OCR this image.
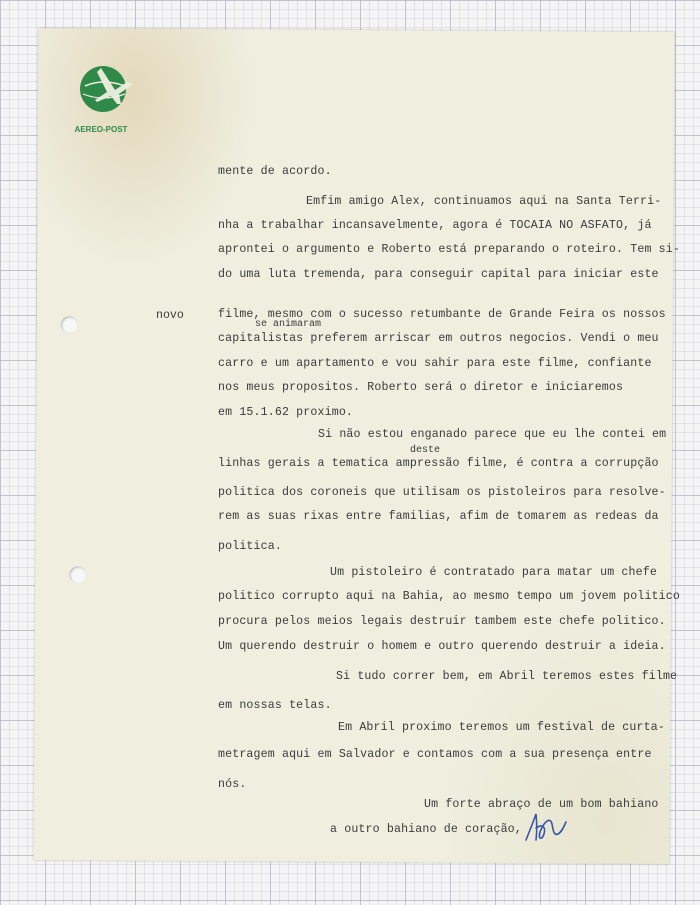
AEREO-POST
novo
mente de acordo.
Emfim amigo Alex, continuamos aqui na Santa Terri-
nha a trabalhar incansavelmente, agora é TOCAIA NO ASFATO, já
aprontei o argumento e Roberto está preparando o roteiro. Tem si-
do uma luta tremenda, para conseguir capital para iniciar este
filme, mesmo com o sucesso retumbante de Grande Feira os nossos
se animaram
capitalistas preferem arriscar em outros negocios. Vendi o meu
carro e um apartamento e vou sahir para este filme, confiante
nos meus propositos. Roberto será o diretor e iniciaremos
em 15.1.62 proximo.
Si não estou enganado parece que eu lhe contei em
deste
linhas gerais a tematica ampressão filme, é contra a corrupção
politica dos coroneis que utilisam os pistoleiros para resolve-
rem as suas rixas entre familias, afim de tomarem as redeas da
politica.
Um pistoleiro é contratado para matar um chefe
politico corrupto aqui na Bahia, ao mesmo tempo um jovem politico
procura pelos meios legais destruir tambem este chefe politico.
Um querendo destruir o homem e outro querendo destruir a ideia.
Si tudo correr bem, em Abril teremos estes filme
em nossas telas.
Em Abril proximo teremos um festival de curta-
metragem aqui em Salvador e contamos com a sua presença entre
nós.
Um forte abraço de um bom bahiano
a outro bahiano de coração,
